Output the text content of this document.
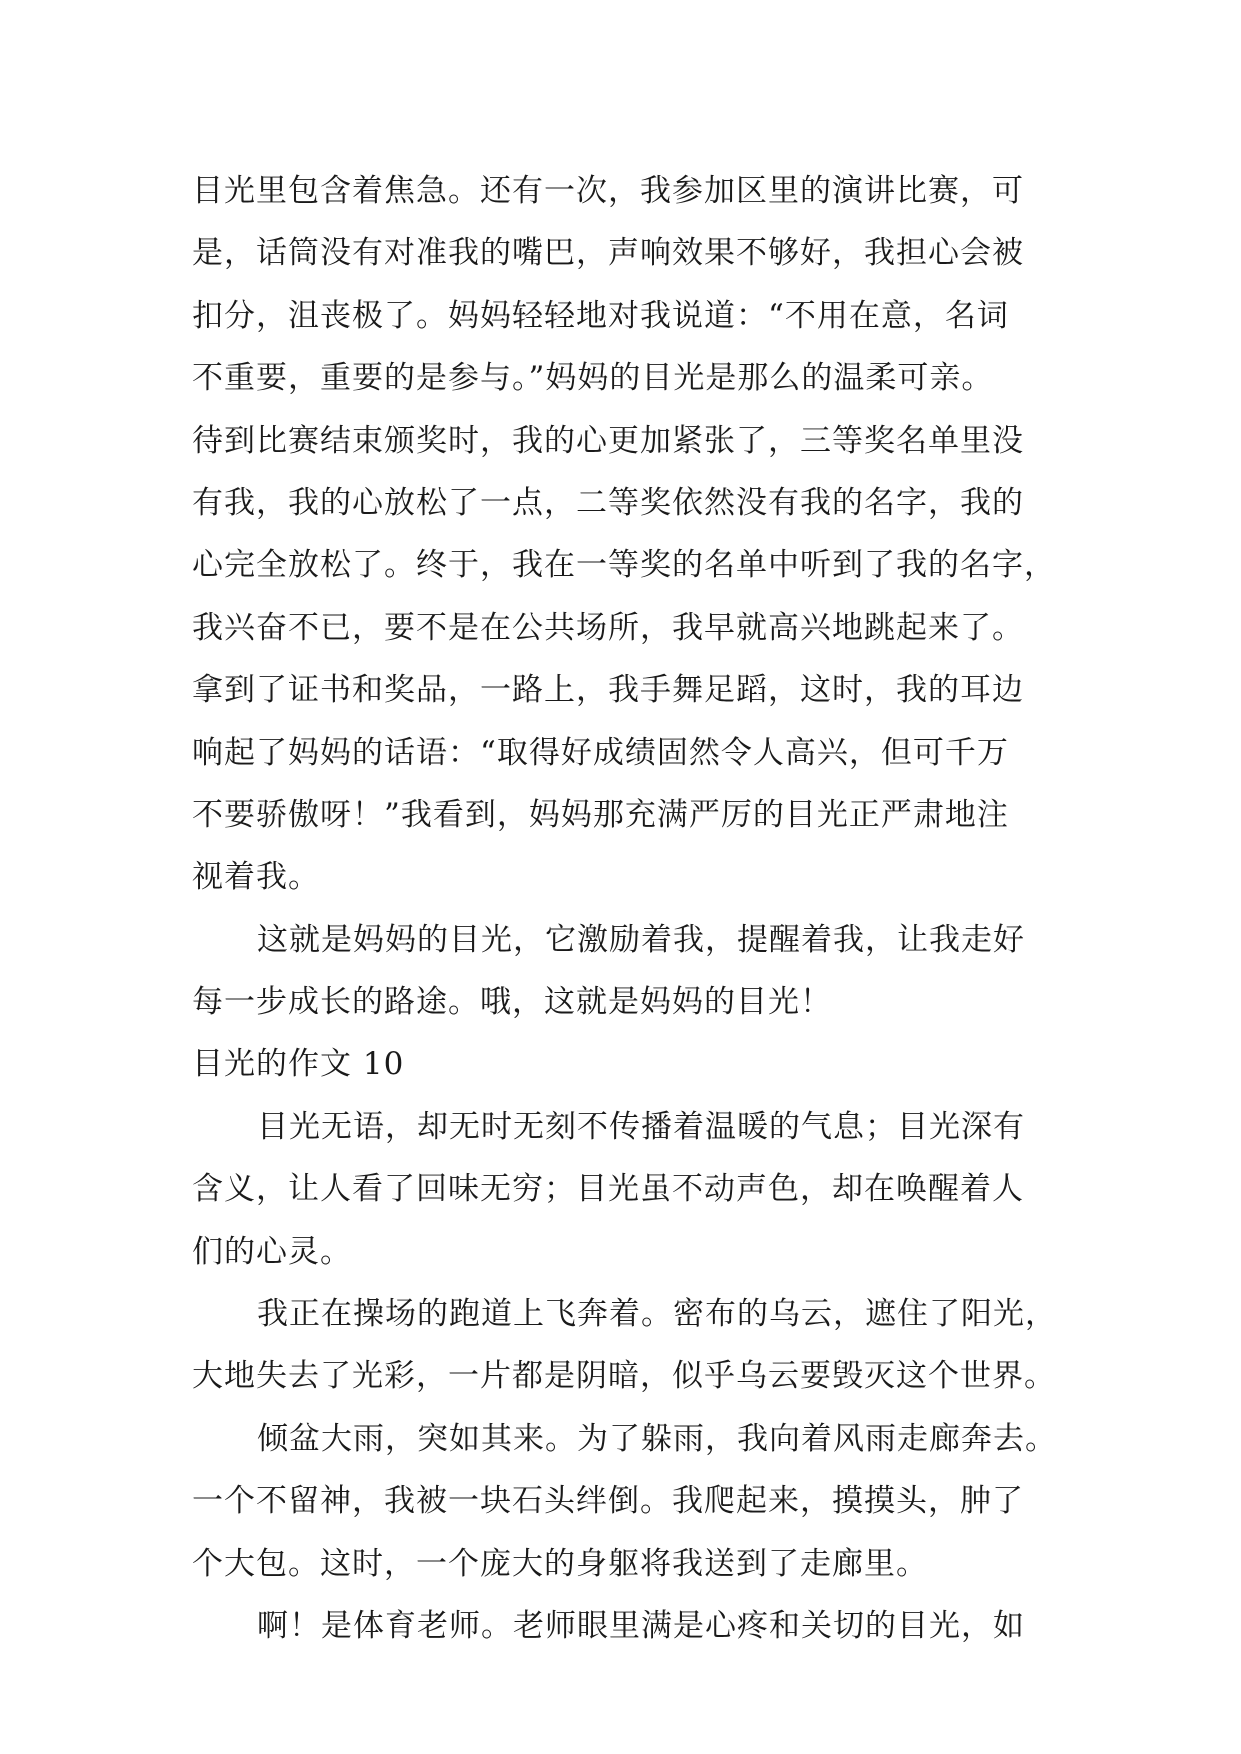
目光里包含着焦急。还有一次，我参加区里的演讲比赛，可
是，话筒没有对准我的嘴巴，声响效果不够好，我担心会被
扣分，沮丧极了。妈妈轻轻地对我说道：“不用在意，名词
不重要，重要的是参与。”妈妈的目光是那么的温柔可亲。
待到比赛结束颁奖时，我的心更加紧张了，三等奖名单里没
有我，我的心放松了一点，二等奖依然没有我的名字，我的
心完全放松了。终于，我在一等奖的名单中听到了我的名字，
我兴奋不已，要不是在公共场所，我早就高兴地跳起来了。
拿到了证书和奖品，一路上，我手舞足蹈，这时，我的耳边
响起了妈妈的话语：“取得好成绩固然令人高兴，但可千万
不要骄傲呀！”我看到，妈妈那充满严厉的目光正严肃地注
视着我。
这就是妈妈的目光，它激励着我，提醒着我，让我走好
每一步成长的路途。哦，这就是妈妈的目光！
目光的作文 10
目光无语，却无时无刻不传播着温暖的气息；目光深有
含义，让人看了回味无穷；目光虽不动声色，却在唤醒着人
们的心灵。
我正在操场的跑道上飞奔着。密布的乌云，遮住了阳光，
大地失去了光彩，一片都是阴暗，似乎乌云要毁灭这个世界。
倾盆大雨，突如其来。为了躲雨，我向着风雨走廊奔去。
一个不留神，我被一块石头绊倒。我爬起来，摸摸头，肿了
个大包。这时，一个庞大的身躯将我送到了走廊里。
啊！是体育老师。老师眼里满是心疼和关切的目光，如
